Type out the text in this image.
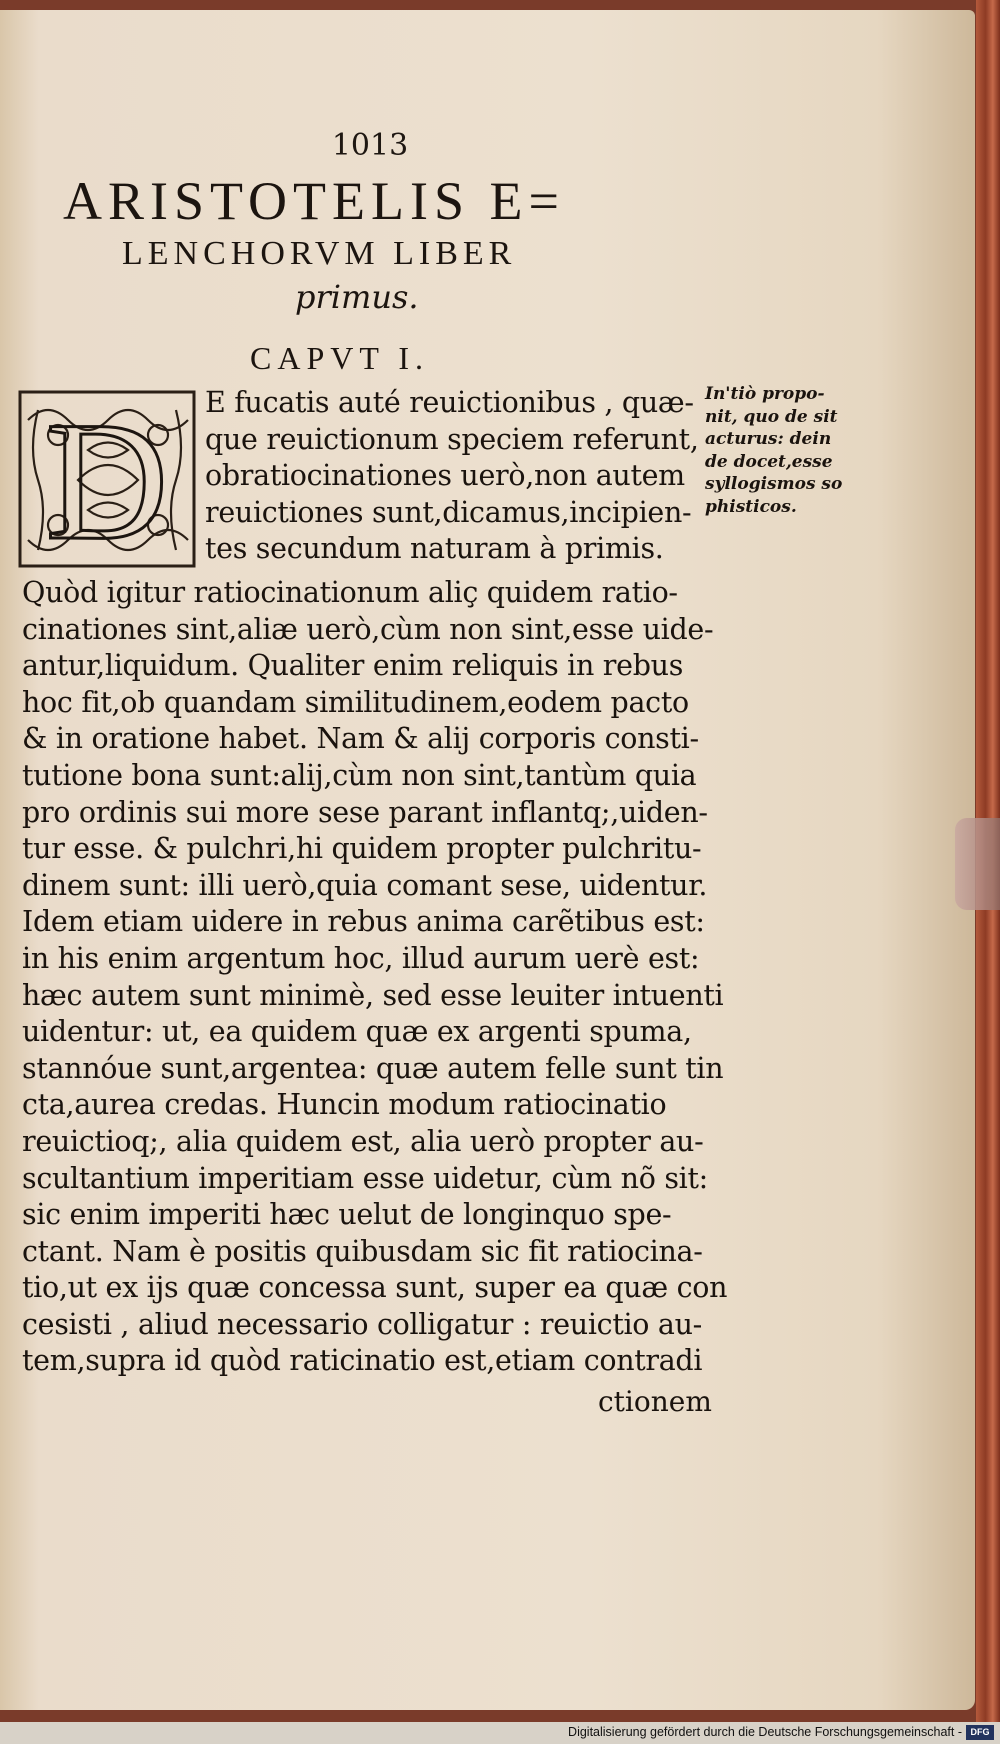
1013
ARISTOTELIS E=
LENCHORVM LIBER
primus.
CAPVT I.
D E fucatis auté reuictionibus , quæ-
que reuictionum speciem referunt,
obratiocinationes uerò,non autem
reuictiones sunt,dicamus,incipien-
tes secundum naturam à primis.
In'tiò propo-
nit, quo de sit
acturus: dein
de docet,esse
syllogismos so
phisticos.
Quòd igitur ratiocinationum aliç quidem ratio-
cinationes sint,aliæ uerò,cùm non sint,esse uide-
antur,liquidum. Qualiter enim reliquis in rebus
hoc fit,ob quandam similitudinem,eodem pacto
& in oratione habet. Nam & alij corporis consti-
tutione bona sunt:alij,cùm non sint,tantùm quia
pro ordinis sui more sese parant inflantq;,uiden-
tur esse. & pulchri,hi quidem propter pulchritu-
dinem sunt: illi uerò,quia comant sese, uidentur.
Idem etiam uidere in rebus anima carẽtibus est:
in his enim argentum hoc, illud aurum uerè est:
hæc autem sunt minimè, sed esse leuiter intuenti
uidentur: ut, ea quidem quæ ex argenti spuma,
stannóue sunt,argentea: quæ autem felle sunt tin
cta,aurea credas. Huncin modum ratiocinatio
reuictioq;, alia quidem est, alia uerò propter au-
scultantium imperitiam esse uidetur, cùm nõ sit:
sic enim imperiti hæc uelut de longinquo spe-
ctant. Nam è positis quibusdam sic fit ratiocina-
tio,ut ex ijs quæ concessa sunt, super ea quæ con
cesisti , aliud necessario colligatur : reuictio au-
tem,supra id quòd raticinatio est,etiam contradi
ctionem
Digitalisierung gefördert durch die Deutsche Forschungsgemeinschaft - DFG
